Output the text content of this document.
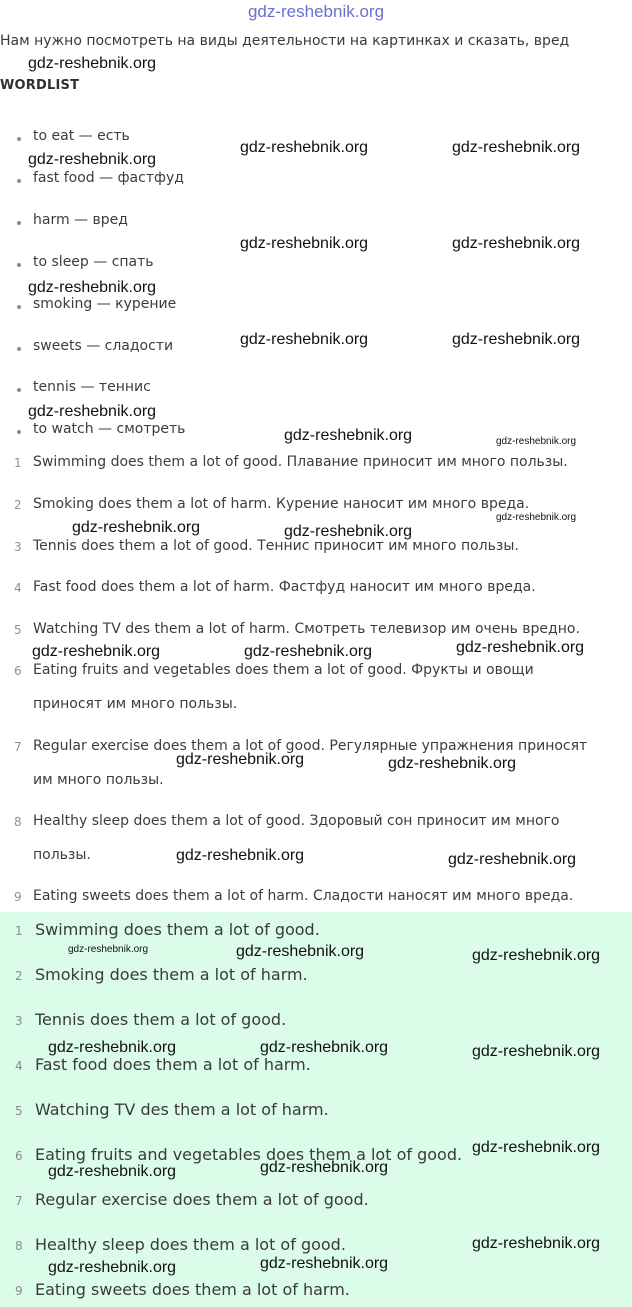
gdz-reshebnik.org
Нам нужно посмотреть на виды деятельности на картинках и сказать, вред
WORDLIST
to eat — есть
fast food — фастфуд
harm — вред
to sleep — спать
smoking — курение
sweets — сладости
tennis — теннис
to watch — смотреть
1 Swimming does them a lot of good. Плавание приносит им много пользы.
2 Smoking does them a lot of harm. Курение наносит им много вреда.
3 Tennis does them a lot of good. Теннис приносит им много пользы.
4 Fast food does them a lot of harm. Фастфуд наносит им много вреда.
5 Watching TV des them a lot of harm. Смотреть телевизор им очень вредно.
6 Eating fruits and vegetables does them a lot of good. Фрукты и овощи
приносят им много пользы.
7 Regular exercise does them a lot of good. Регулярные упражнения приносят
им много пользы.
8 Healthy sleep does them a lot of good. Здоровый сон приносит им много
пользы.
9 Eating sweets does them a lot of harm. Сладости наносят им много вреда.
1 Swimming does them a lot of good.
2 Smoking does them a lot of harm.
3 Tennis does them a lot of good.
4 Fast food does them a lot of harm.
5 Watching TV des them a lot of harm.
6 Eating fruits and vegetables does them a lot of good.
7 Regular exercise does them a lot of good.
8 Healthy sleep does them a lot of good.
9 Eating sweets does them a lot of harm.
gdz-reshebnik.org
gdz-reshebnik.org	gdz-reshebnik.org
gdz-reshebnik.org
gdz-reshebnik.org	gdz-reshebnik.org
gdz-reshebnik.org
gdz-reshebnik.org	gdz-reshebnik.org
gdz-reshebnik.org
gdz-reshebnik.org	gdz-reshebnik.org
gdz-reshebnik.org
gdz-reshebnik.org	gdz-reshebnik.org
gdz-reshebnik.org
gdz-reshebnik.org	gdz-reshebnik.org
gdz-reshebnik.org	gdz-reshebnik.org
gdz-reshebnik.org	gdz-reshebnik.org
gdz-reshebnik.org	gdz-reshebnik.org	gdz-reshebnik.org
gdz-reshebnik.org	gdz-reshebnik.org	gdz-reshebnik.org
gdz-reshebnik.org
gdz-reshebnik.org
gdz-reshebnik.org
gdz-reshebnik.org
gdz-reshebnik.org
gdz-reshebnik.org
